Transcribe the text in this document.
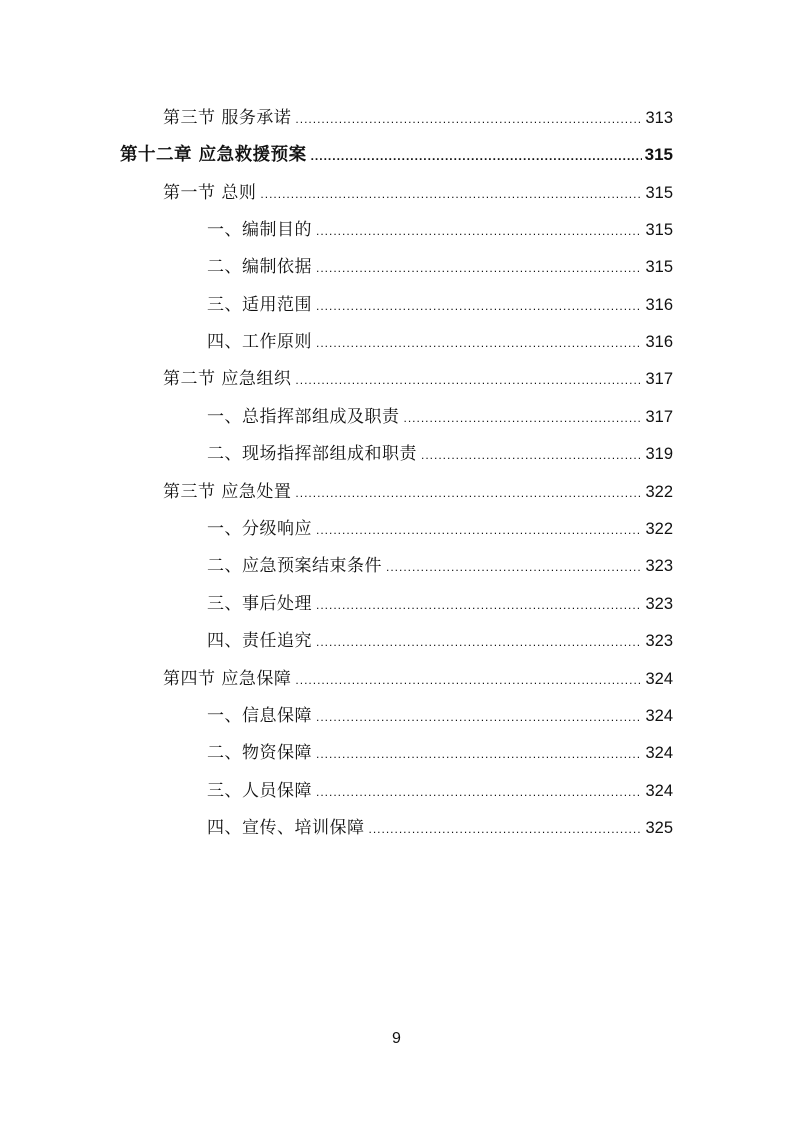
第三节 服务承诺 .....	313
第十二章 应急救援预案 .....	315
第一节 总则 .....	315
一、编制目的 .....	315
二、编制依据 .....	315
三、适用范围 .....	316
四、工作原则 .....	316
第二节 应急组织 .....	317
一、总指挥部组成及职责 .....	317
二、现场指挥部组成和职责 .....	319
第三节 应急处置 .....	322
一、分级响应 .....	322
二、应急预案结束条件 .....	323
三、事后处理 .....	323
四、责任追究 .....	323
第四节 应急保障 .....	324
一、信息保障 .....	324
二、物资保障 .....	324
三、人员保障 .....	324
四、宣传、培训保障 .....	325
9
